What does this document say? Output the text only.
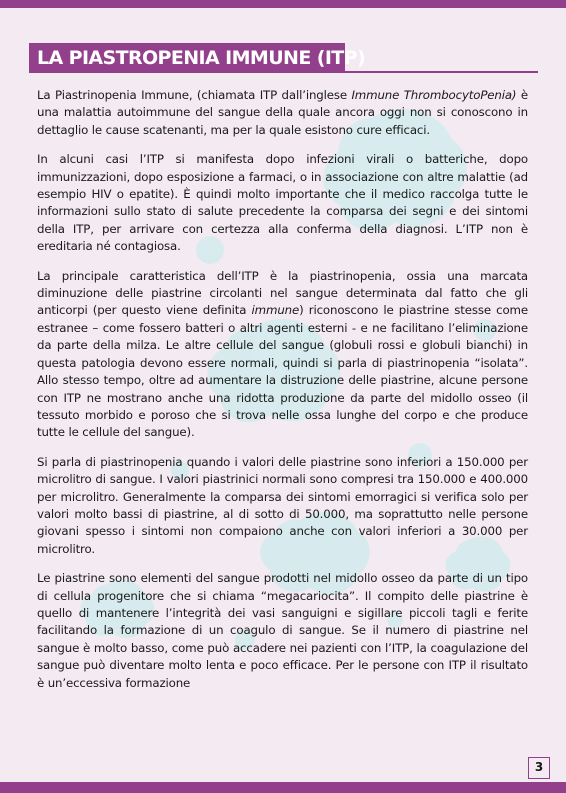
LA PIASTROPENIA IMMUNE (ITP)

La Piastrinopenia Immune, (chiamata ITP dall’inglese Immune ThrombocytoPenia) è una malattia autoimmune del sangue della quale ancora oggi non si conoscono in dettaglio le cause scatenanti, ma per la quale esistono cure efficaci.

In alcuni casi l’ITP si manifesta dopo infezioni virali o batteriche, dopo immunizzazioni, dopo esposizione a farmaci, o in associazione con altre malattie (ad esempio HIV o epatite). È quindi molto importante che il medico raccolga tutte le informazioni sullo stato di salute precedente la comparsa dei segni e dei sintomi della ITP, per arrivare con certezza alla conferma della diagnosi. L’ITP non è ereditaria né contagiosa.

La principale caratteristica dell’ITP è la piastrinopenia, ossia una marcata diminuzione delle piastrine circolanti nel sangue determinata dal fatto che gli anticorpi (per questo viene definita immune) riconoscono le piastrine stesse come estranee – come fossero batteri o altri agenti esterni - e ne facilitano l’eliminazione da parte della milza. Le altre cellule del sangue (globuli rossi e globuli bianchi) in questa patologia devono essere normali, quindi si parla di piastrinopenia “isolata”. Allo stesso tempo, oltre ad aumentare la distruzione delle piastrine, alcune persone con ITP ne mostrano anche una ridotta produzione da parte del midollo osseo (il tessuto morbido e poroso che si trova nelle ossa lunghe del corpo e che produce tutte le cellule del sangue).

Si parla di piastrinopenia quando i valori delle piastrine sono inferiori a 150.000 per microlitro di sangue. I valori piastrinici normali sono compresi tra 150.000 e 400.000 per microlitro. Generalmente la comparsa dei sintomi emorragici si verifica solo per valori molto bassi di piastrine, al di sotto di 50.000, ma soprattutto nelle persone giovani spesso i sintomi non compaiono anche con valori inferiori a 30.000 per microlitro.

Le piastrine sono elementi del sangue prodotti nel midollo osseo da parte di un tipo di cellula progenitore che si chiama “megacariocita”. Il compito delle piastrine è quello di mantenere l’integrità dei vasi sanguigni e sigillare piccoli tagli e ferite facilitando la formazione di un coagulo di sangue. Se il numero di piastrine nel sangue è molto basso, come può accadere nei pazienti con l’ITP, la coagulazione del sangue può diventare molto lenta e poco efficace. Per le persone con ITP il risultato è un’eccessiva formazione

3
